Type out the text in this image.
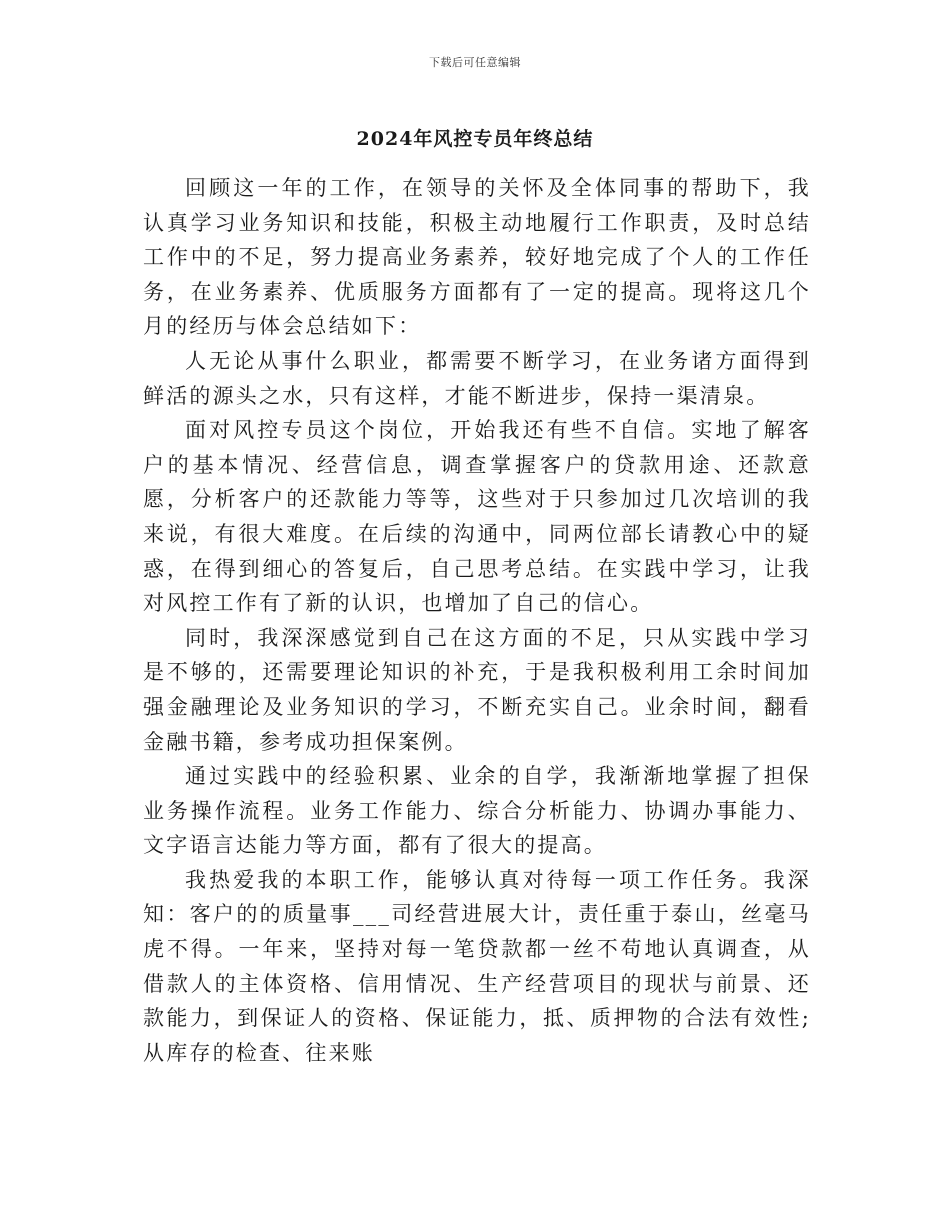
下载后可任意编辑
2024年风控专员年终总结

回顾这一年的工作，在领导的关怀及全体同事的帮助下，我认真学习业务知识和技能，积极主动地履行工作职责，及时总结工作中的不足，努力提高业务素养，较好地完成了个人的工作任务，在业务素养、优质服务方面都有了一定的提高。现将这几个月的经历与体会总结如下：

人无论从事什么职业，都需要不断学习，在业务诸方面得到鲜活的源头之水，只有这样，才能不断进步，保持一渠清泉。

面对风控专员这个岗位，开始我还有些不自信。实地了解客户的基本情况、经营信息，调查掌握客户的贷款用途、还款意愿，分析客户的还款能力等等，这些对于只参加过几次培训的我来说，有很大难度。在后续的沟通中，同两位部长请教心中的疑惑，在得到细心的答复后，自己思考总结。在实践中学习，让我对风控工作有了新的认识，也增加了自己的信心。

同时，我深深感觉到自己在这方面的不足，只从实践中学习是不够的，还需要理论知识的补充，于是我积极利用工余时间加强金融理论及业务知识的学习，不断充实自己。业余时间，翻看金融书籍，参考成功担保案例。

通过实践中的经验积累、业余的自学，我渐渐地掌握了担保业务操作流程。业务工作能力、综合分析能力、协调办事能力、文字语言达能力等方面，都有了很大的提高。

我热爱我的本职工作，能够认真对待每一项工作任务。我深知：客户的的质量事___司经营进展大计，责任重于泰山，丝毫马虎不得。一年来，坚持对每一笔贷款都一丝不苟地认真调查，从借款人的主体资格、信用情况、生产经营项目的现状与前景、还款能力，到保证人的资格、保证能力，抵、质押物的合法有效性;从库存的检查、往来账
